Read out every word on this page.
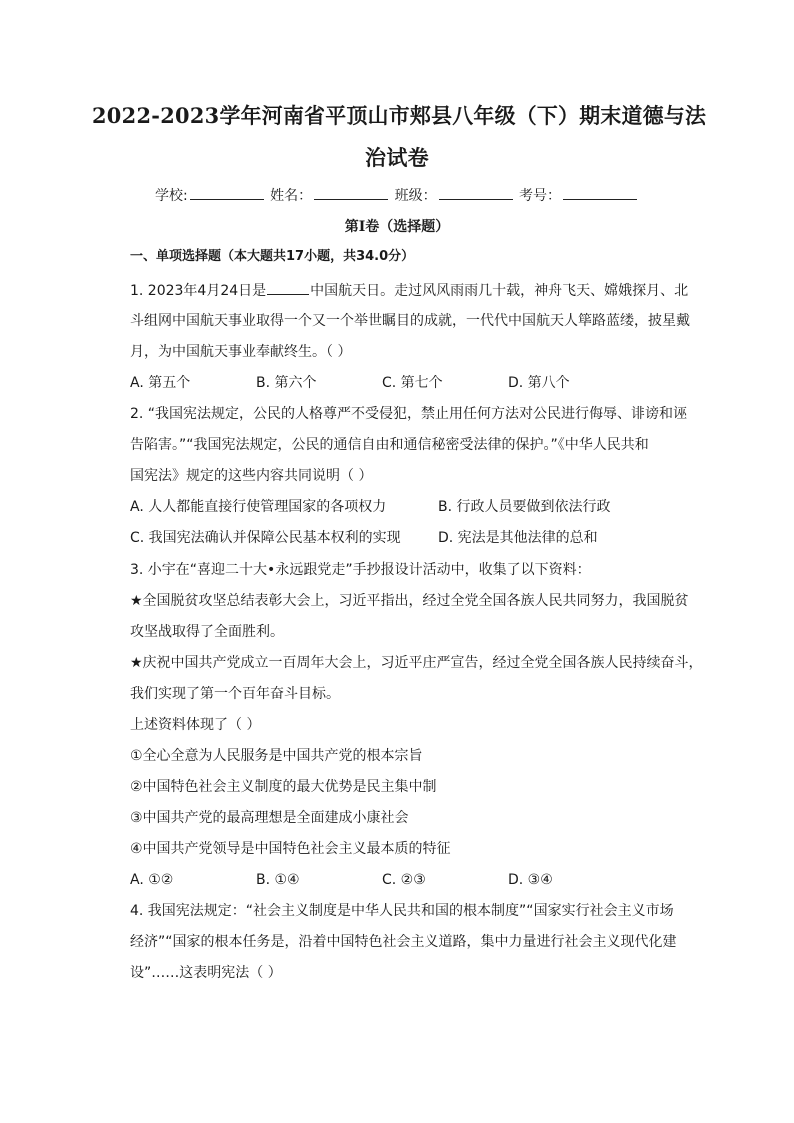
2022-2023学年河南省平顶山市郏县八年级（下）期末道德与法
治试卷
学校:	姓名：	班级：	考号：
第Ⅰ卷（选择题）
一、单项选择题（本大题共17小题，共34.0分）
1. 2023年4月24日是	中国航天日。走过风风雨雨几十载，神舟飞天、嫦娥探月、北
斗组网中国航天事业取得一个又一个举世瞩目的成就，一代代中国航天人筚路蓝缕，披星戴
月，为中国航天事业奉献终生。（ ）
A. 第五个	B. 第六个	C. 第七个	D. 第八个
2. “我国宪法规定，公民的人格尊严不受侵犯，禁止用任何方法对公民进行侮辱、诽谤和诬
告陷害。”“我国宪法规定，公民的通信自由和通信秘密受法律的保护。”《中华人民共和
国宪法》规定的这些内容共同说明（ ）
A. 人人都能直接行使管理国家的各项权力	B. 行政人员要做到依法行政
C. 我国宪法确认并保障公民基本权利的实现	D. 宪法是其他法律的总和
3. 小宇在“喜迎二十大•永远跟党走”手抄报设计活动中，收集了以下资料：
★全国脱贫攻坚总结表彰大会上，习近平指出，经过全党全国各族人民共同努力，我国脱贫
攻坚战取得了全面胜利。
★庆祝中国共产党成立一百周年大会上，习近平庄严宣告，经过全党全国各族人民持续奋斗，
我们实现了第一个百年奋斗目标。
上述资料体现了（ ）
①全心全意为人民服务是中国共产党的根本宗旨
②中国特色社会主义制度的最大优势是民主集中制
③中国共产党的最高理想是全面建成小康社会
④中国共产党领导是中国特色社会主义最本质的特征
A. ①②	B. ①④	C. ②③	D. ③④
4. 我国宪法规定：“社会主义制度是中华人民共和国的根本制度”“国家实行社会主义市场
经济”“国家的根本任务是，沿着中国特色社会主义道路，集中力量进行社会主义现代化建
设”……这表明宪法（ ）
